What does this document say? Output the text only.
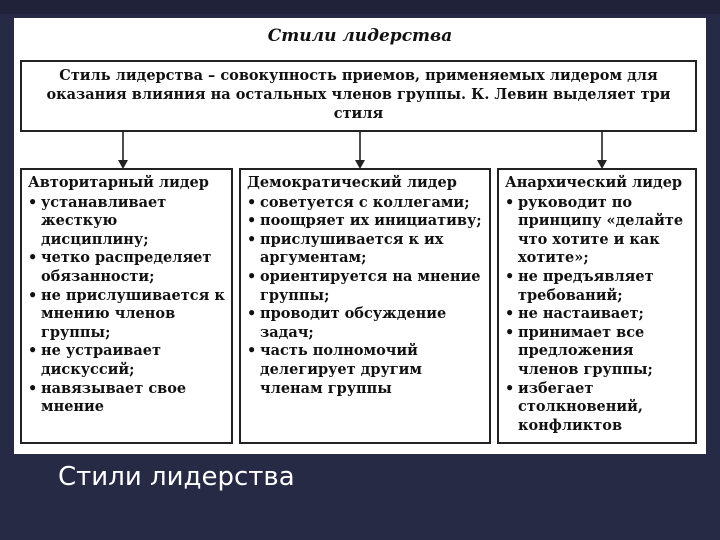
Стили лидерства
Стиль лидерства – совокупность приемов, применяемых лидером для оказания влияния на остальных членов группы. К. Левин выделяет три стиля
Авторитарный лидер
• устанавливает жесткую дисциплину;
• четко распределяет обязанности;
• не прислушивается к мнению членов группы;
• не устраивает дискуссий;
• навязывает свое мнение
Демократический лидер
• советуется с коллегами;
• поощряет их инициативу;
• прислушивается к их аргументам;
• ориентируется на мнение группы;
• проводит обсуждение задач;
• часть полномочий делегирует другим членам группы
Анархический лидер
• руководит по принципу «делайте что хотите и как хотите»;
• не предъявляет требований;
• не настаивает;
• принимает все предложения членов группы;
• избегает столкновений, конфликтов
Стили лидерства
